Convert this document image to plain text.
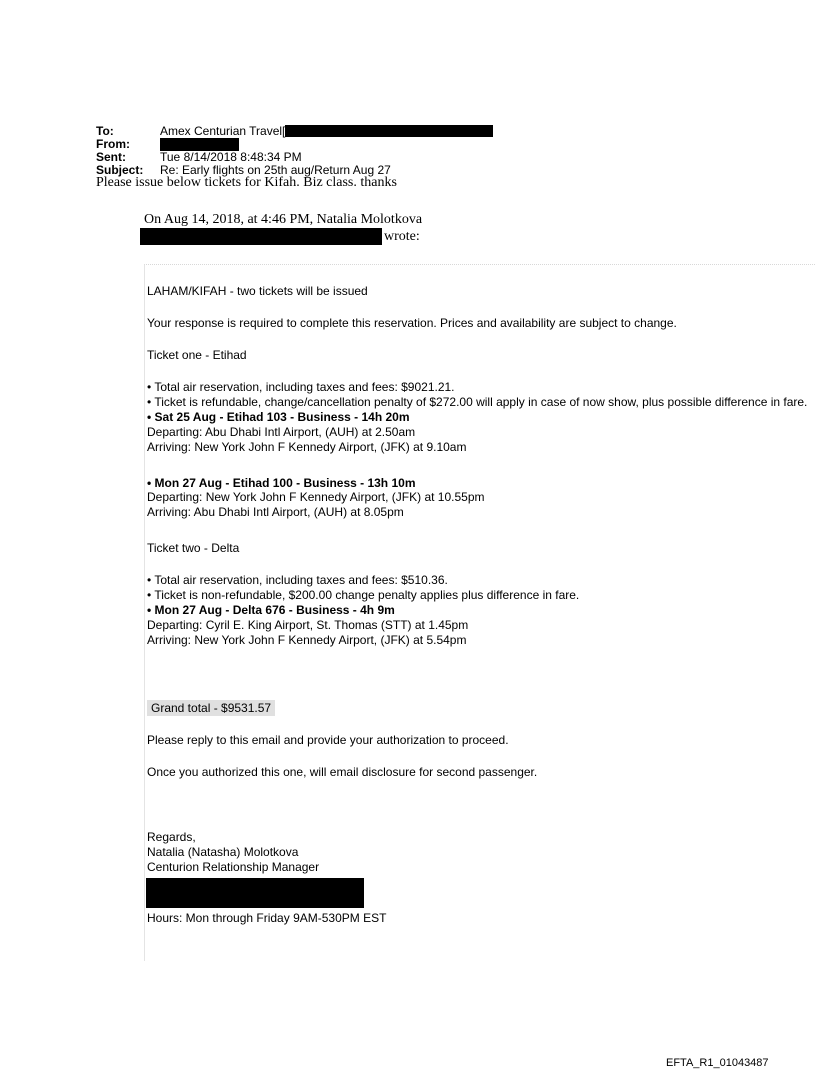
To:	Amex Centurian Travel[
From:
Sent:	Tue 8/14/2018 8:48:34 PM
Subject: Re: Early flights on 25th aug/Return Aug 27
Please issue below tickets for Kifah. Biz class. thanks
On Aug 14, 2018, at 4:46 PM, Natalia Molotkova
wrote:
LAHAM/KIFAH - two tickets will be issued
Your response is required to complete this reservation. Prices and availability are subject to change.
Ticket one - Etihad
• Total air reservation, including taxes and fees: $9021.21.
• Ticket is refundable, change/cancellation penalty of $272.00 will apply in case of now show, plus possible difference in fare.
• Sat 25 Aug - Etihad 103 - Business - 14h 20m
Departing: Abu Dhabi Intl Airport, (AUH) at 2.50am
Arriving: New York John F Kennedy Airport, (JFK) at 9.10am
• Mon 27 Aug - Etihad 100 - Business - 13h 10m
Departing: New York John F Kennedy Airport, (JFK) at 10.55pm
Arriving: Abu Dhabi Intl Airport, (AUH) at 8.05pm
Ticket two - Delta
• Total air reservation, including taxes and fees: $510.36.
• Ticket is non-refundable, $200.00 change penalty applies plus difference in fare.
• Mon 27 Aug - Delta 676 - Business - 4h 9m
Departing: Cyril E. King Airport, St. Thomas (STT) at 1.45pm
Arriving: New York John F Kennedy Airport, (JFK) at 5.54pm
Grand total - $9531.57
Please reply to this email and provide your authorization to proceed.
Once you authorized this one, will email disclosure for second passenger.
Regards,
Natalia (Natasha) Molotkova
Centurion Relationship Manager
Hours: Mon through Friday 9AM-530PM EST
EFTA_R1_01043487
